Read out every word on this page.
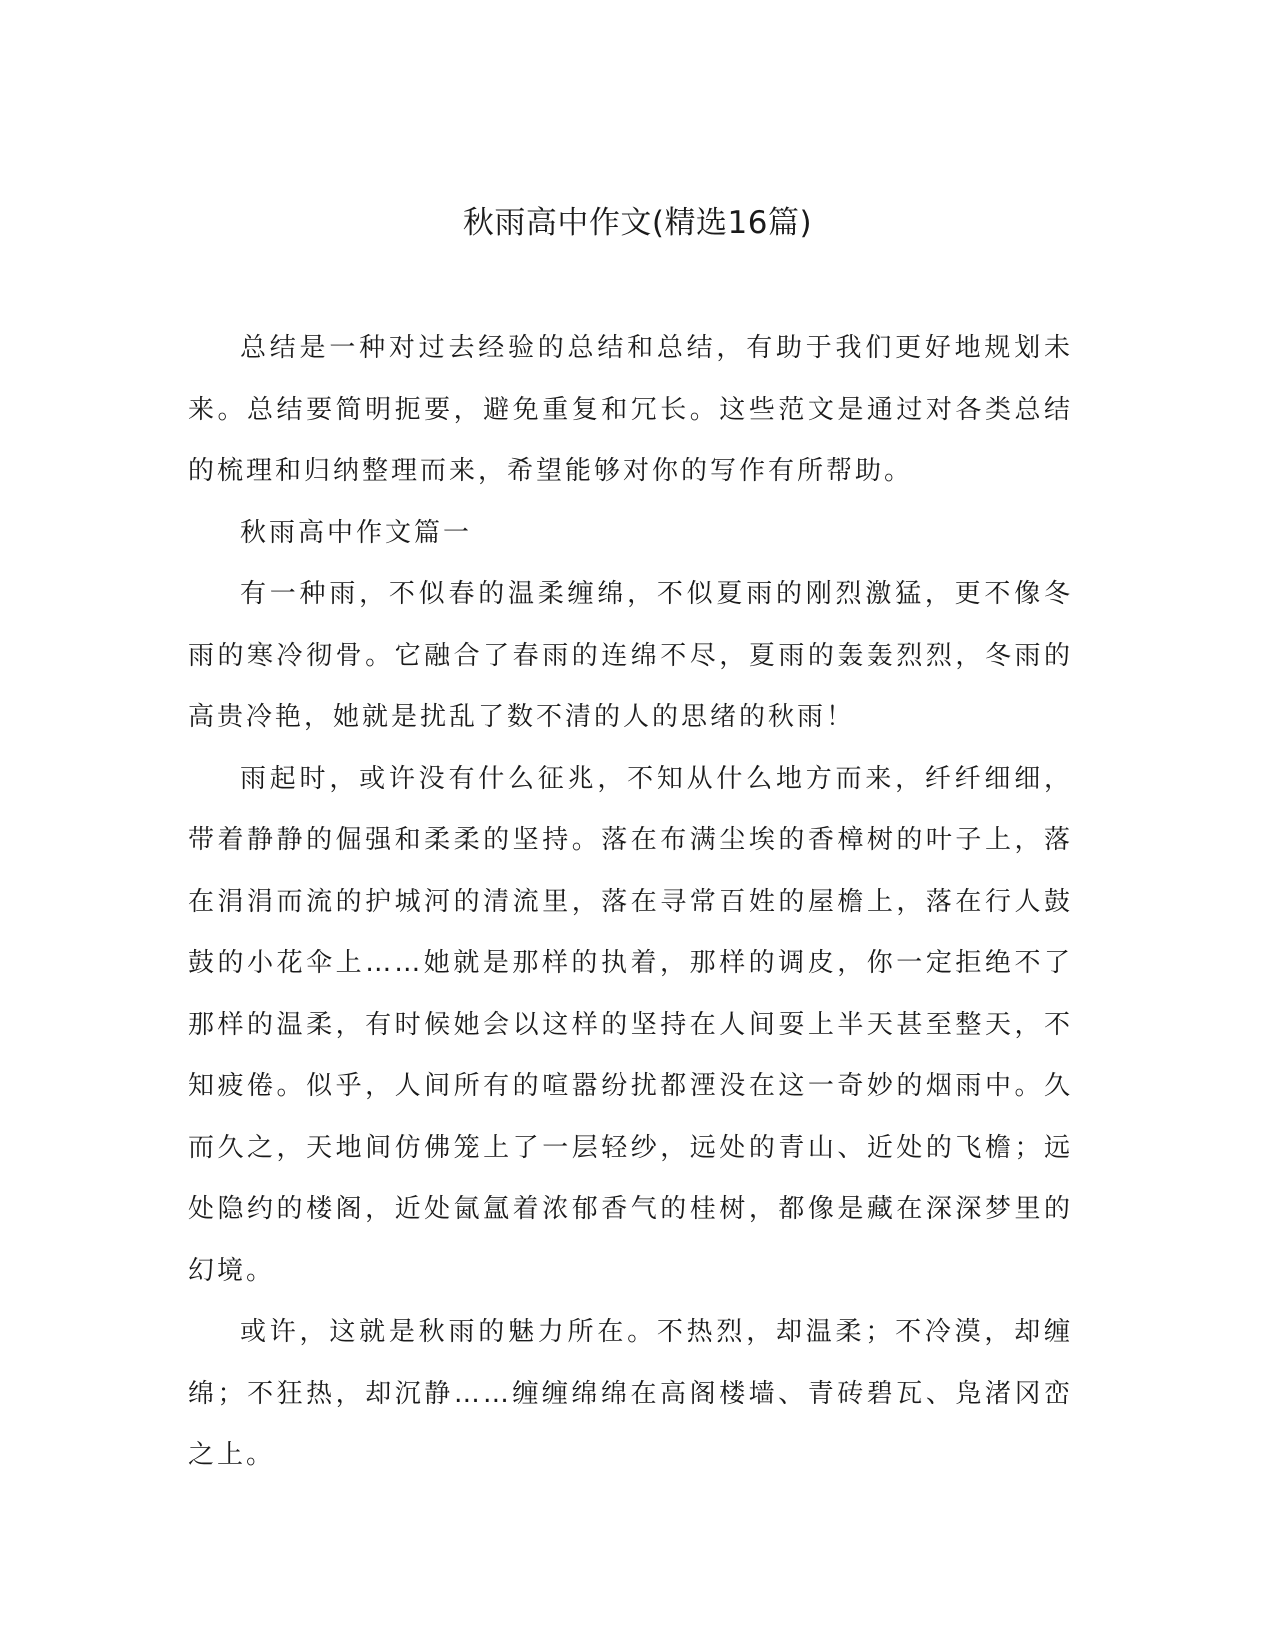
秋雨高中作文(精选16篇)

总结是一种对过去经验的总结和总结，有助于我们更好地规划未来。总结要简明扼要，避免重复和冗长。这些范文是通过对各类总结的梳理和归纳整理而来，希望能够对你的写作有所帮助。

秋雨高中作文篇一

有一种雨，不似春的温柔缠绵，不似夏雨的刚烈激猛，更不像冬雨的寒冷彻骨。它融合了春雨的连绵不尽，夏雨的轰轰烈烈，冬雨的高贵冷艳，她就是扰乱了数不清的人的思绪的秋雨！

雨起时，或许没有什么征兆，不知从什么地方而来，纤纤细细，带着静静的倔强和柔柔的坚持。落在布满尘埃的香樟树的叶子上，落在涓涓而流的护城河的清流里，落在寻常百姓的屋檐上，落在行人鼓鼓的小花伞上……她就是那样的执着，那样的调皮，你一定拒绝不了那样的温柔，有时候她会以这样的坚持在人间耍上半天甚至整天，不知疲倦。似乎，人间所有的喧嚣纷扰都湮没在这一奇妙的烟雨中。久而久之，天地间仿佛笼上了一层轻纱，远处的青山、近处的飞檐；远处隐约的楼阁，近处氤氲着浓郁香气的桂树，都像是藏在深深梦里的幻境。

或许，这就是秋雨的魅力所在。不热烈，却温柔；不冷漠，却缠绵；不狂热，却沉静……缠缠绵绵在高阁楼墙、青砖碧瓦、凫渚冈峦之上。
